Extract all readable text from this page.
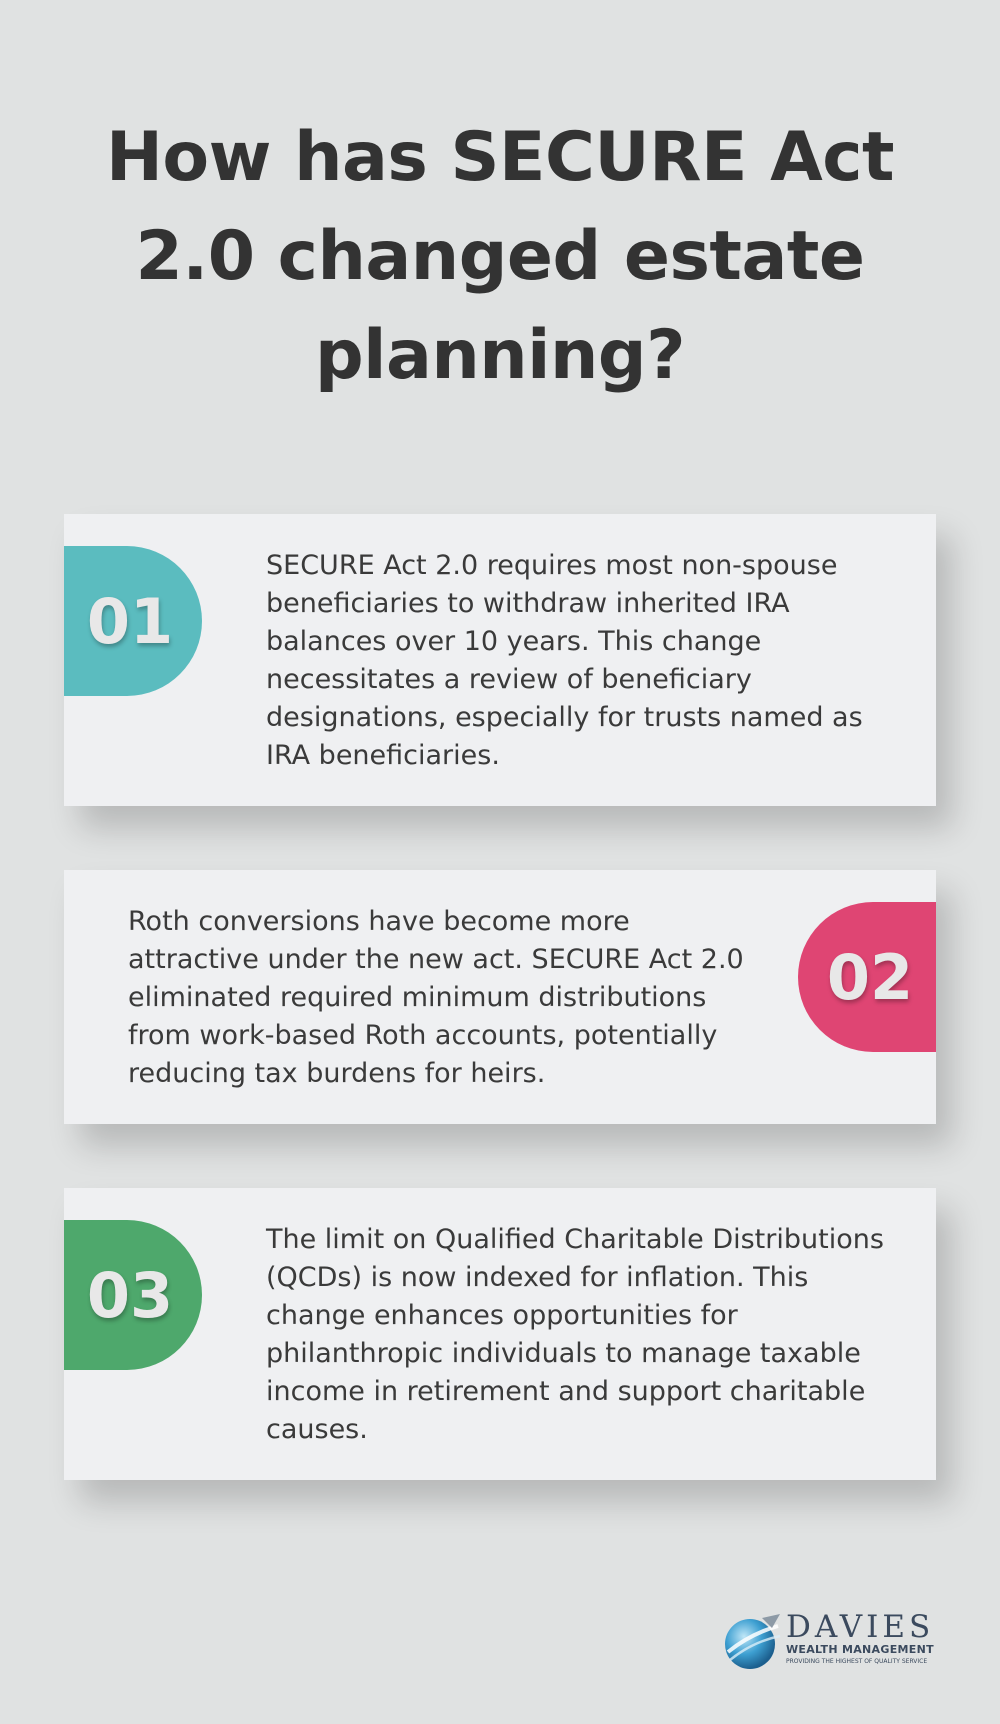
How has SECURE Act 2.0 changed estate planning?
01

SECURE Act 2.0 requires most non-spouse beneficiaries to withdraw inherited IRA balances over 10 years. This change necessitates a review of beneficiary designations, especially for trusts named as IRA beneficiaries.

Roth conversions have become more attractive under the new act. SECURE Act 2.0 eliminated required minimum distributions from work-based Roth accounts, potentially reducing tax burdens for heirs.

02
03

The limit on Qualified Charitable Distributions (QCDs) is now indexed for inflation. This change enhances opportunities for philanthropic individuals to manage taxable income in retirement and support charitable causes.

DAVIES
WEALTH MANAGEMENT
PROVIDING THE HIGHEST OF QUALITY SERVICE
